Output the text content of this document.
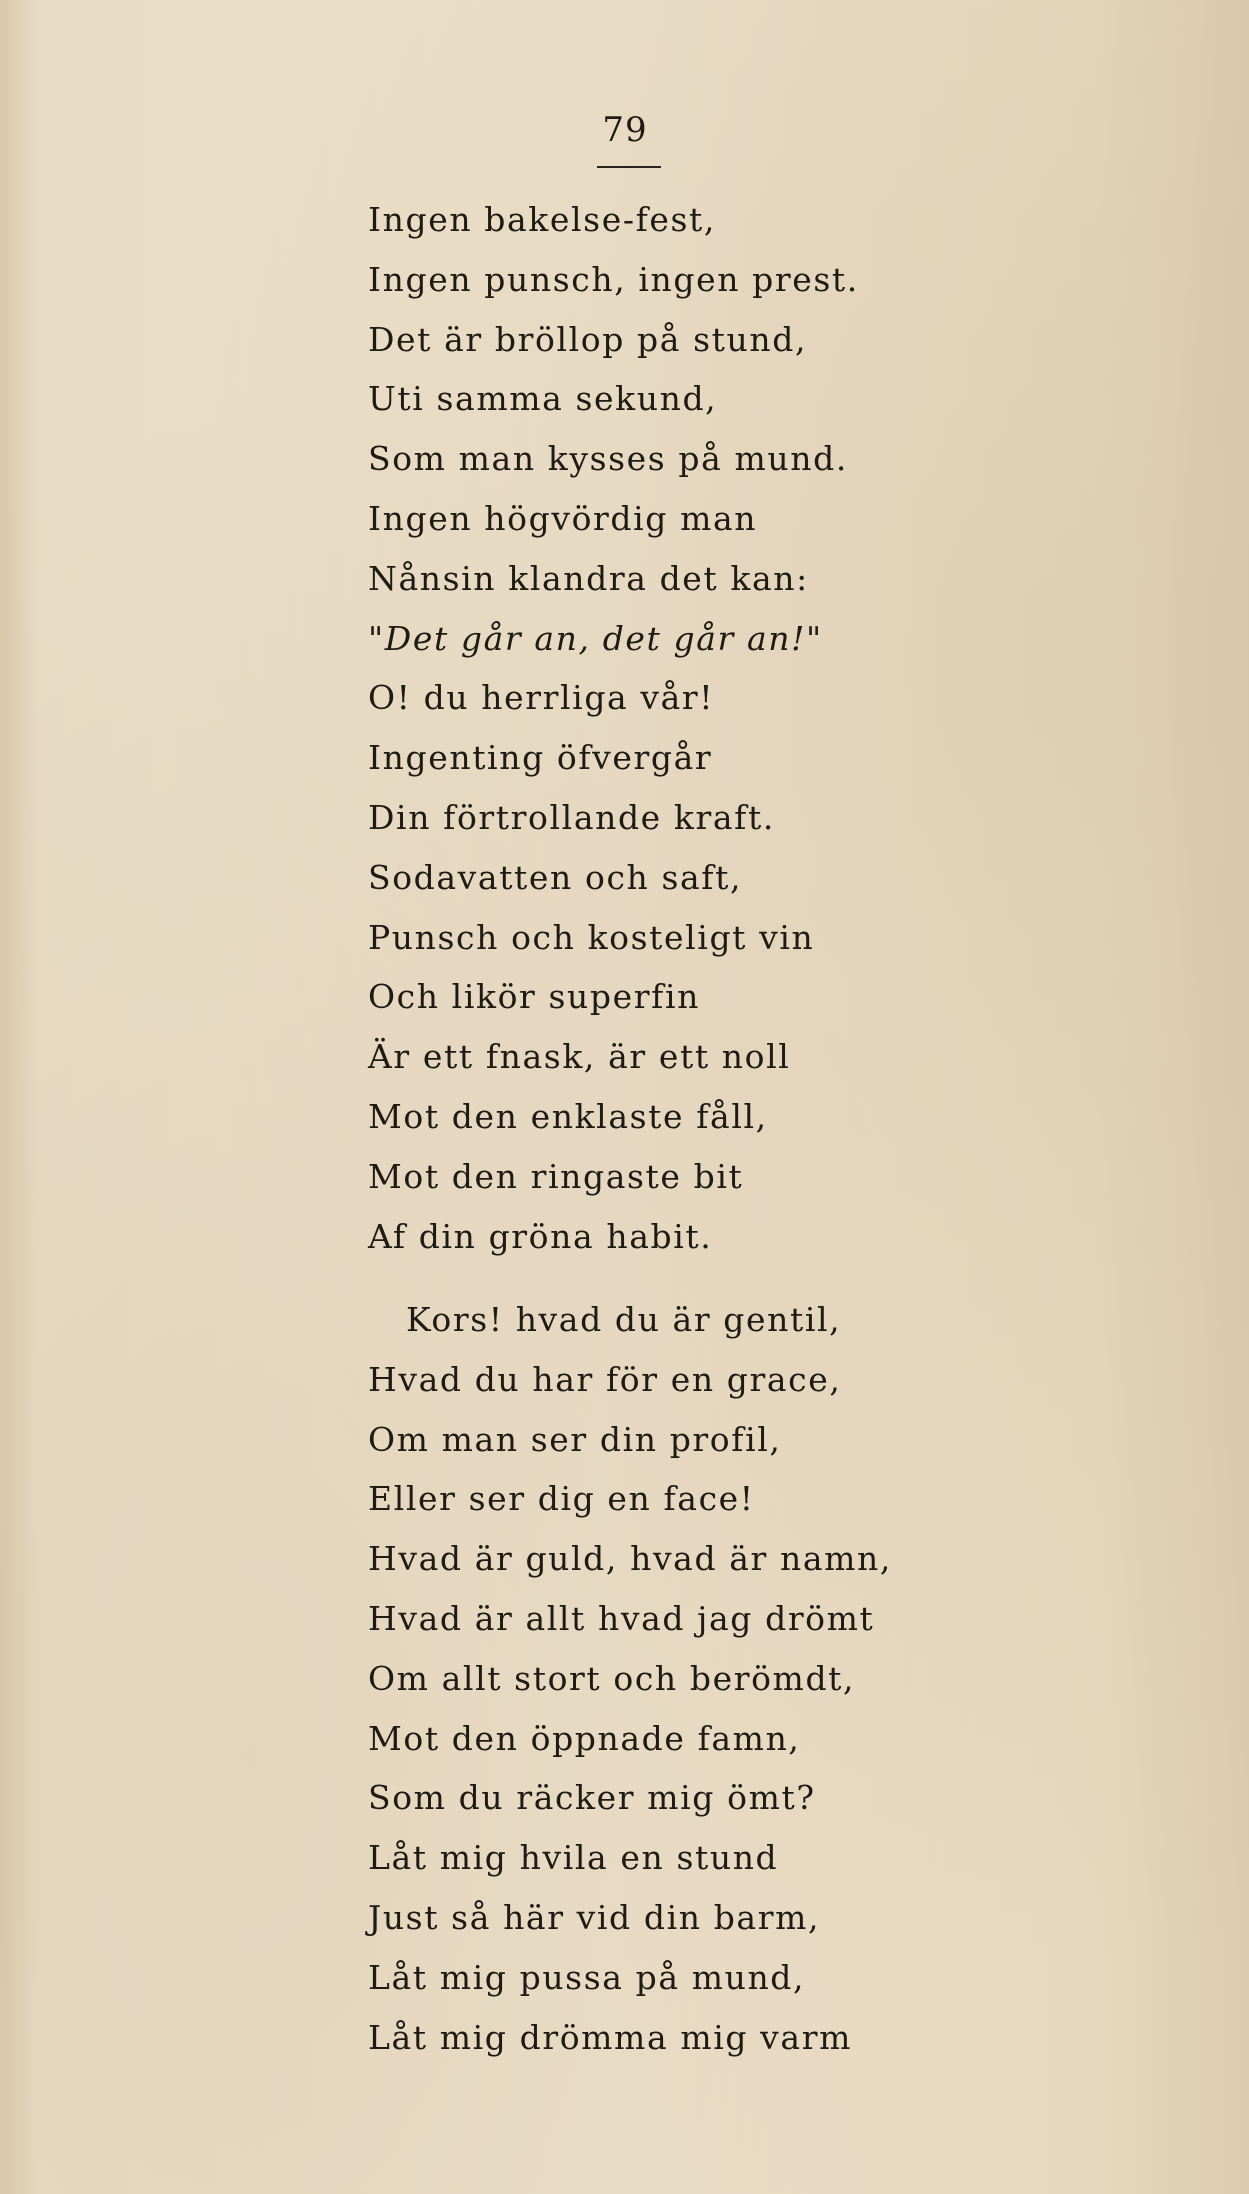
79
Ingen bakelse-fest,
Ingen punsch, ingen prest.
Det är bröllop på stund,
Uti samma sekund,
Som man kysses på mund.
Ingen högvördig man
Nånsin klandra det kan:
"Det går an, det går an!"
O! du herrliga vår!
Ingenting öfvergår
Din förtrollande kraft.
Sodavatten och saft,
Punsch och kosteligt vin
Och likör superfin
Är ett fnask, är ett noll
Mot den enklaste fåll,
Mot den ringaste bit
Af din gröna habit.
Kors! hvad du är gentil,
Hvad du har för en grace,
Om man ser din profil,
Eller ser dig en face!
Hvad är guld, hvad är namn,
Hvad är allt hvad jag drömt
Om allt stort och berömdt,
Mot den öppnade famn,
Som du räcker mig ömt?
Låt mig hvila en stund
Just så här vid din barm,
Låt mig pussa på mund,
Låt mig drömma mig varm
